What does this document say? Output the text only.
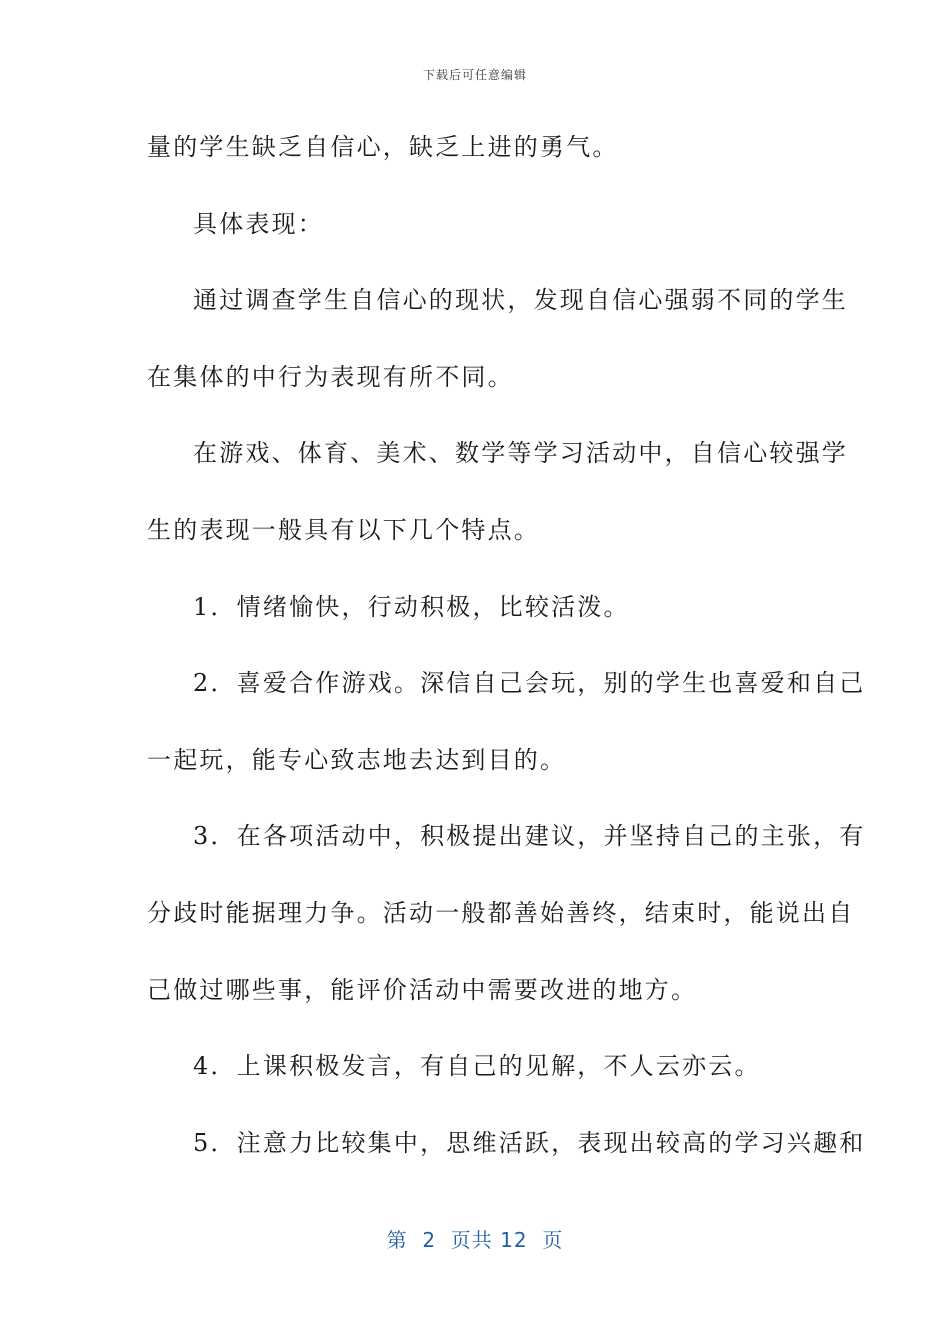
下载后可任意编辑
量的学生缺乏自信心，缺乏上进的勇气。
具体表现：
通过调查学生自信心的现状，发现自信心强弱不同的学生
在集体的中行为表现有所不同。
在游戏、体育、美术、数学等学习活动中，自信心较强学
生的表现一般具有以下几个特点。
1．情绪愉快，行动积极，比较活泼。
2．喜爱合作游戏。深信自己会玩，别的学生也喜爱和自己
一起玩，能专心致志地去达到目的。
3．在各项活动中，积极提出建议，并坚持自己的主张，有
分歧时能据理力争。活动一般都善始善终，结束时，能说出自
己做过哪些事，能评价活动中需要改进的地方。
4．上课积极发言，有自己的见解，不人云亦云。
5．注意力比较集中，思维活跃，表现出较高的学习兴趣和
第  2  页共 12  页
